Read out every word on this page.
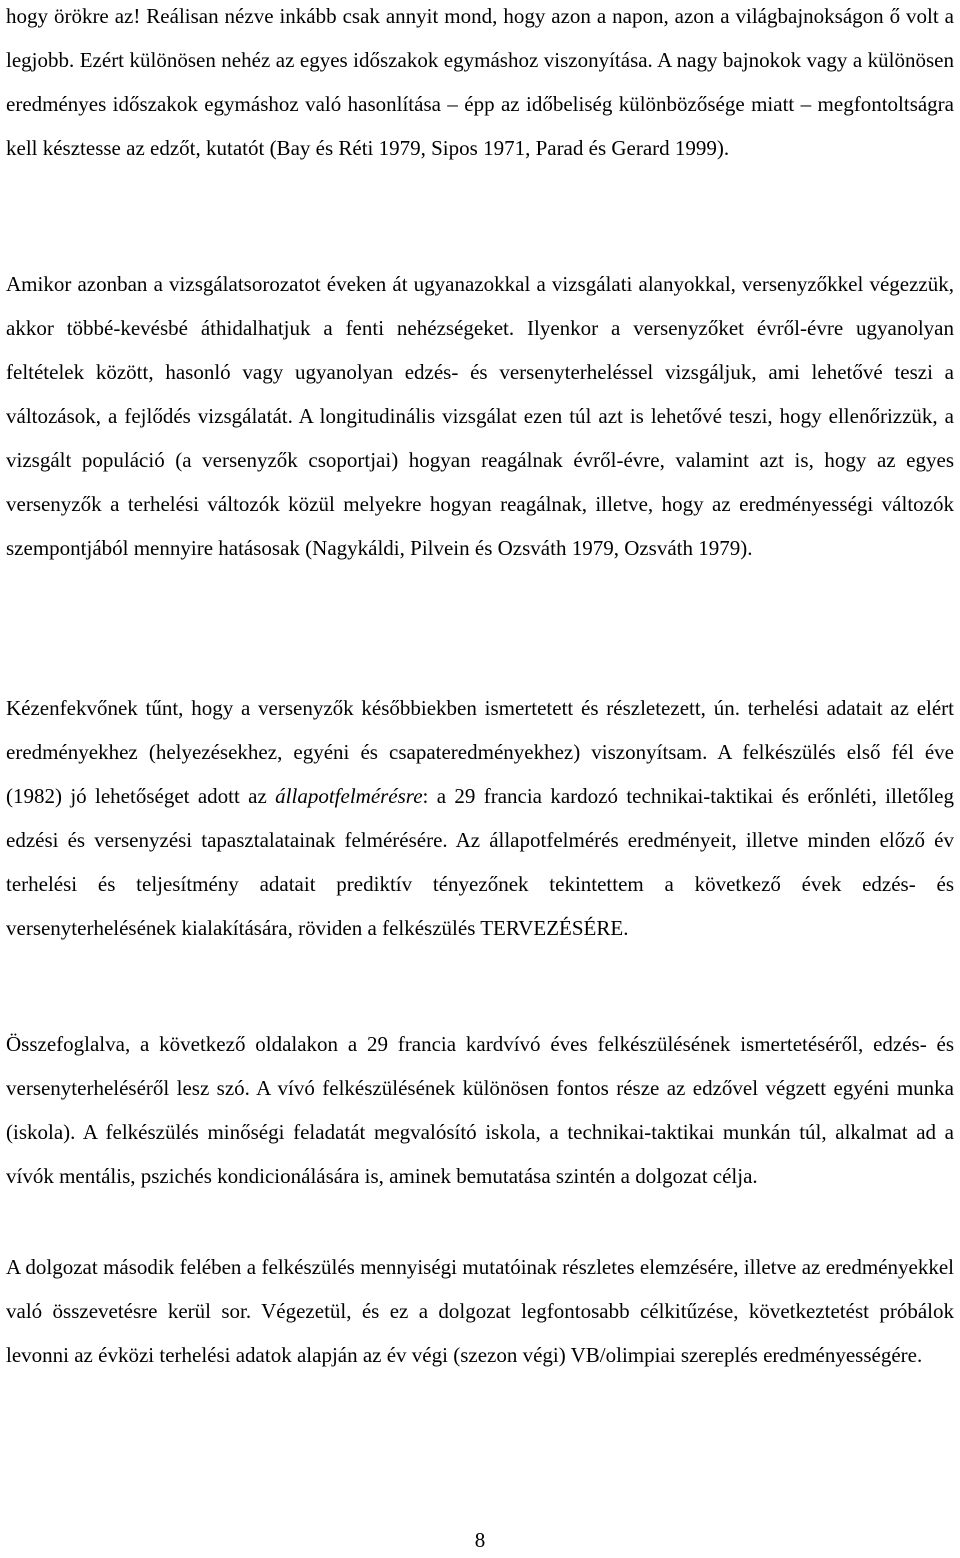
hogy örökre az! Reálisan nézve inkább csak annyit mond, hogy azon a napon, azon a világbajnokságon ő volt a legjobb. Ezért különösen nehéz az egyes időszakok egymáshoz viszonyítása. A nagy bajnokok vagy a különösen eredményes időszakok egymáshoz való hasonlítása – épp az időbeliség különbözősége miatt – megfontoltságra kell késztesse az edzőt, kutatót (Bay és Réti 1979, Sipos 1971, Parad és Gerard 1999).

Amikor azonban a vizsgálatsorozatot éveken át ugyanazokkal a vizsgálati alanyokkal, versenyzőkkel végezzük, akkor többé-kevésbé áthidalhatjuk a fenti nehézségeket. Ilyenkor a versenyzőket évről-évre ugyanolyan feltételek között, hasonló vagy ugyanolyan edzés- és versenyterheléssel vizsgáljuk, ami lehetővé teszi a változások, a fejlődés vizsgálatát. A longitudinális vizsgálat ezen túl azt is lehetővé teszi, hogy ellenőrizzük, a vizsgált populáció (a versenyzők csoportjai) hogyan reagálnak évről-évre, valamint azt is, hogy az egyes versenyzők a terhelési változók közül melyekre hogyan reagálnak, illetve, hogy az eredményességi változók szempontjából mennyire hatásosak (Nagykáldi, Pilvein és Ozsváth 1979, Ozsváth 1979).

Kézenfekvőnek tűnt, hogy a versenyzők későbbiekben ismertetett és részletezett, ún. terhelési adatait az elért eredményekhez (helyezésekhez, egyéni és csapateredményekhez) viszonyítsam. A felkészülés első fél éve (1982) jó lehetőséget adott az állapotfelmérésre: a 29 francia kardozó technikai-taktikai és erőnléti, illetőleg edzési és versenyzési tapasztalatainak felmérésére. Az állapotfelmérés eredményeit, illetve minden előző év terhelési és teljesítmény adatait prediktív tényezőnek tekintettem a következő évek edzés- és versenyterhelésének kialakítására, röviden a felkészülés TERVEZÉSÉRE.

Összefoglalva, a következő oldalakon a 29 francia kardvívó éves felkészülésének ismertetéséről, edzés- és versenyterheléséről lesz szó. A vívó felkészülésének különösen fontos része az edzővel végzett egyéni munka (iskola). A felkészülés minőségi feladatát megvalósító iskola, a technikai-taktikai munkán túl, alkalmat ad a vívók mentális, pszichés kondicionálására is, aminek bemutatása szintén a dolgozat célja.

A dolgozat második felében a felkészülés mennyiségi mutatóinak részletes elemzésére, illetve az eredményekkel való összevetésre kerül sor. Végezetül, és ez a dolgozat legfontosabb célkitűzése, következtetést próbálok levonni az évközi terhelési adatok alapján az év végi (szezon végi) VB/olimpiai szereplés eredményességére.

8
